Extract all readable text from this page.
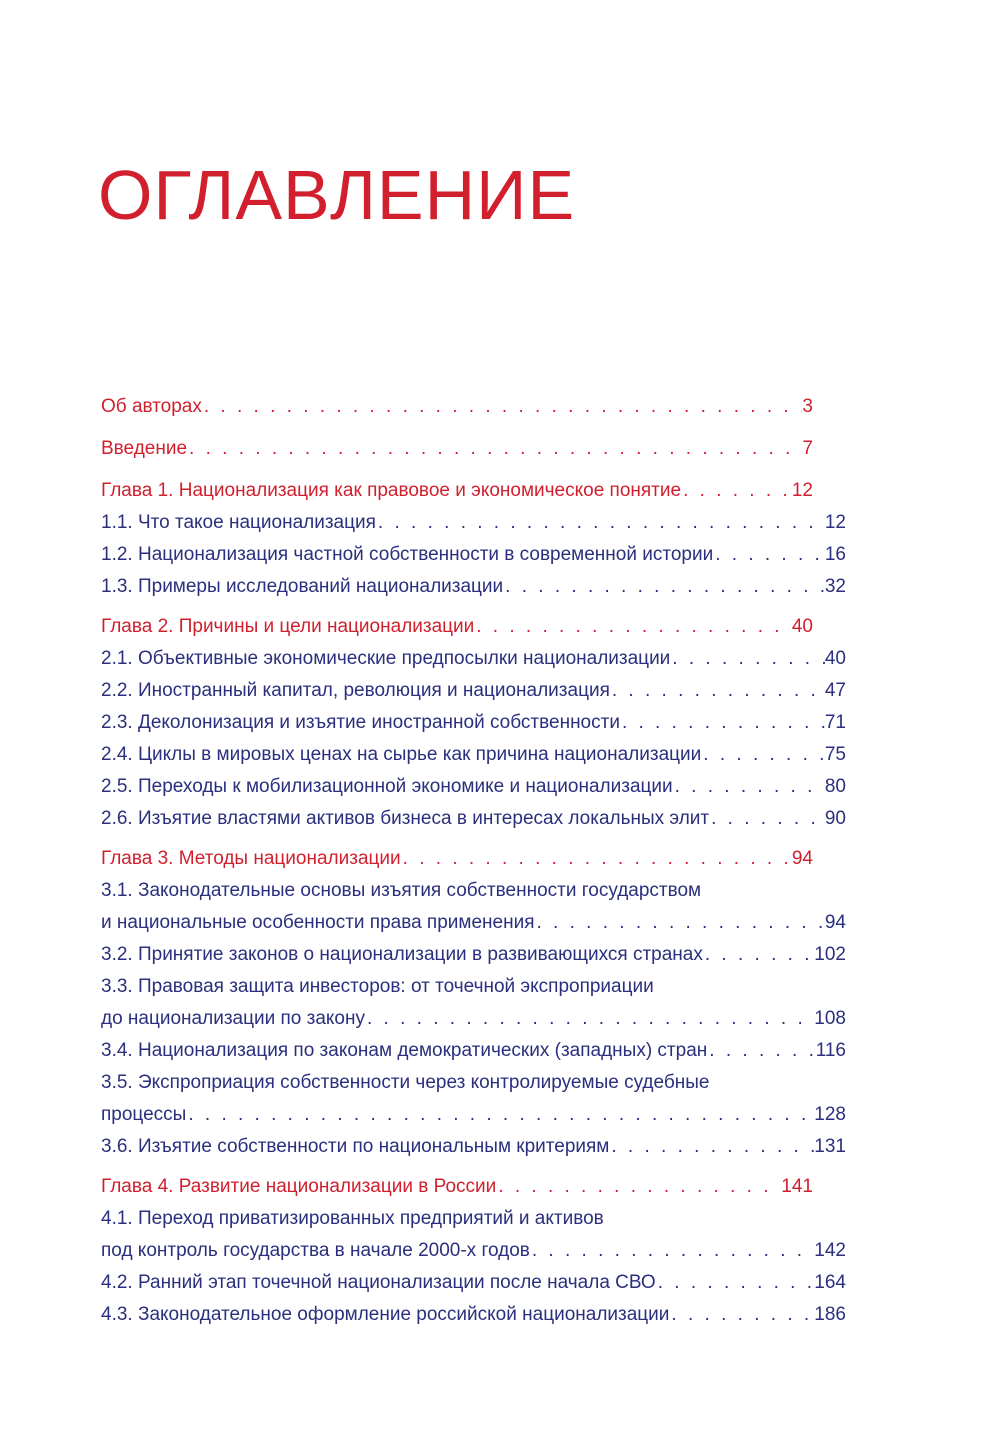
ОГЛАВЛЕНИЕ
Об авторах . . .	3
Введение . . .	7
Глава 1. Национализация как правовое и экономическое понятие . . .	12
1.1. Что такое национализация . . .	12
1.2. Национализация частной собственности в современной истории . . .	16
1.3. Примеры исследований национализации . . .	32
Глава 2. Причины и цели национализации . . .	40
2.1. Объективные экономические предпосылки национализации . . .	40
2.2. Иностранный капитал, революция и национализация . . .	47
2.3. Деколонизация и изъятие иностранной собственности . . .	71
2.4. Циклы в мировых ценах на сырье как причина национализации . . .	75
2.5. Переходы к мобилизационной экономике и национализации . . .	80
2.6. Изъятие властями активов бизнеса в интересах локальных элит . . .	90
Глава 3. Методы национализации . . .	94
3.1. Законодательные основы изъятия собственности государством
и национальные особенности права применения . . .	94
3.2. Принятие законов о национализации в развивающихся странах . . .	102
3.3. Правовая защита инвесторов: от точечной экспроприации
до национализации по закону . . .	108
3.4. Национализация по законам демократических (западных) стран . . .	116
3.5. Экспроприация собственности через контролируемые судебные
процессы . . .	128
3.6. Изъятие собственности по национальным критериям . . .	131
Глава 4. Развитие национализации в России . . .	141
4.1. Переход приватизированных предприятий и активов
под контроль государства в начале 2000-х годов . . .	142
4.2. Ранний этап точечной национализации после начала СВО . . .	164
4.3. Законодательное оформление российской национализации . . .	186
